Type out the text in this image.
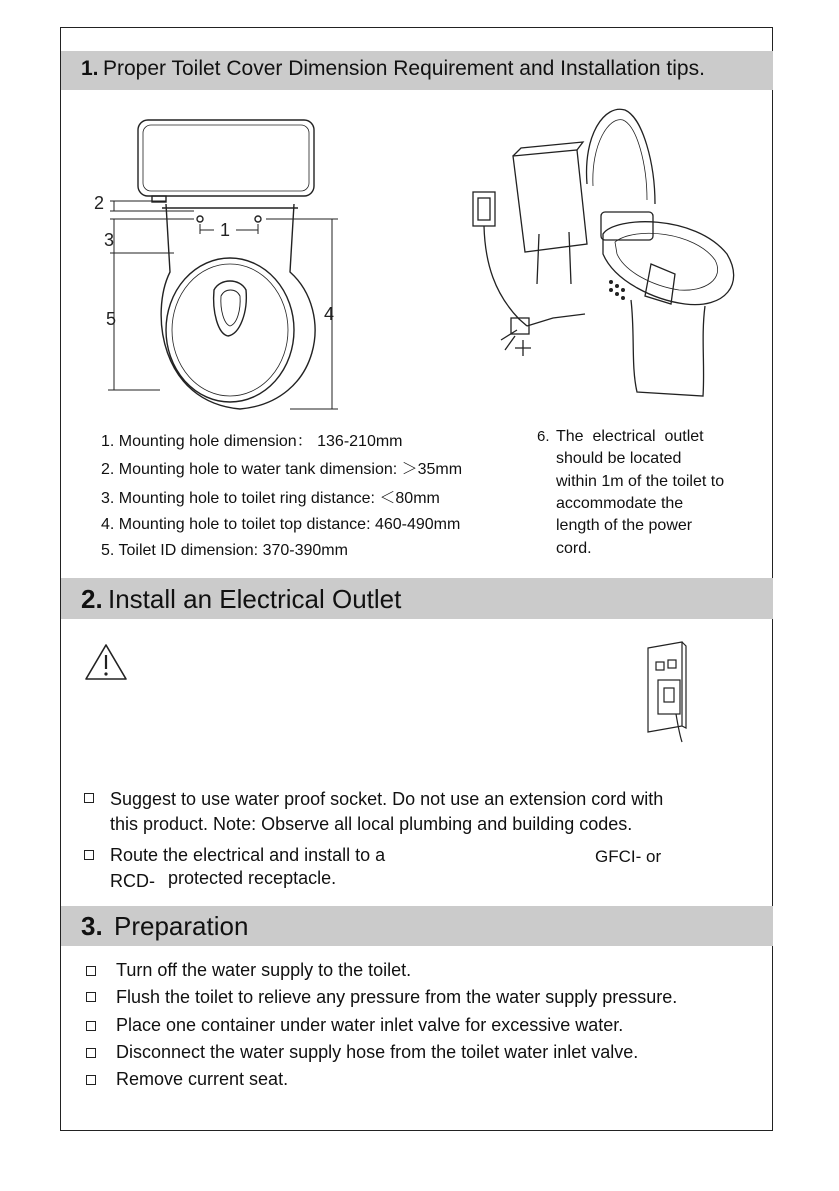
1. Proper Toilet Cover Dimension Requirement and Installation tips.
1
2
3
5	4
1. Mounting hole dimension： 136-210mm
2. Mounting hole to water tank dimension: ＞35mm
3. Mounting hole to toilet ring distance: ＜80mm
4. Mounting hole to toilet top distance: 460-490mm
5. Toilet ID dimension: 370-390mm
6. The  electrical  outlet
should be located
within 1m of the toilet to
accommodate the
length of the power
cord.
2. Install an Electrical Outlet
Suggest to use water proof socket. Do not use an extension cord with
this product. Note: Observe all local plumbing and building codes.
Route the electrical and install to a	GFCI- or
RCD- protected receptacle.
3. Preparation
Turn off the water supply to the toilet.
Flush the toilet to relieve any pressure from the water supply pressure.
Place one container under water inlet valve for excessive water.
Disconnect the water supply hose from the toilet water inlet valve.
Remove current seat.
